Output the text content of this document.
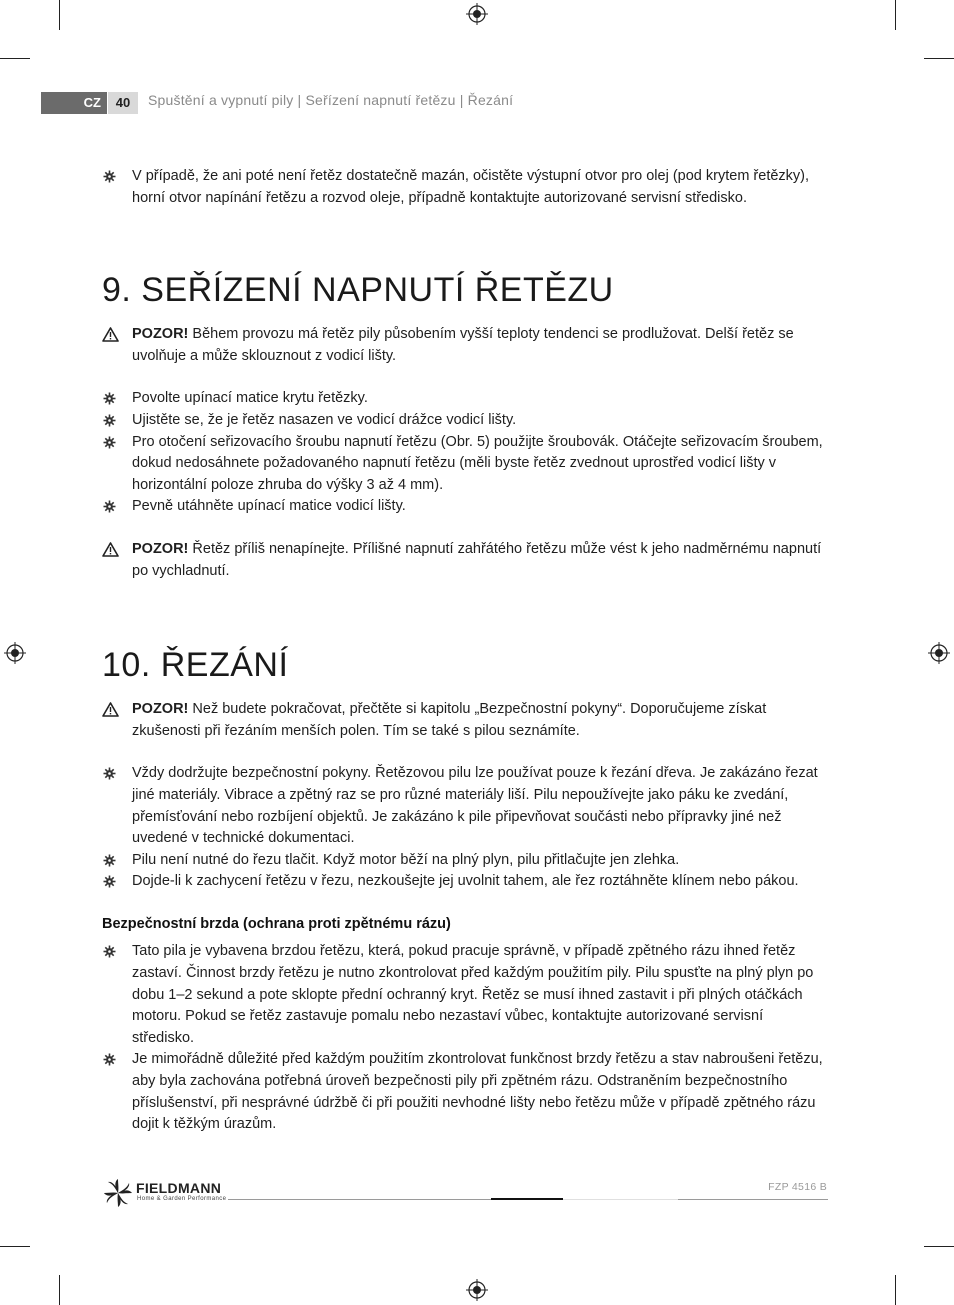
CZ	40	Spuštění a vypnutí pily | Seřízení napnutí řetězu | Řezání
V případě, že ani poté není řetěz dostatečně mazán, očistěte výstupní otvor pro olej (pod krytem řetězky), horní otvor napínání řetězu a rozvod oleje, případně kontaktujte autorizované servisní středisko.
9. SEŘÍZENÍ NAPNUTÍ ŘETĚZU
POZOR! Během provozu má řetěz pily působením vyšší teploty tendenci se prodlužovat. Delší řetěz se uvolňuje a může sklouznout z vodicí lišty.
Povolte upínací matice krytu řetězky.
Ujistěte se, že je řetěz nasazen ve vodicí drážce vodicí lišty.
Pro otočení seřizovacího šroubu napnutí řetězu (Obr. 5) použijte šroubovák. Otáčejte seřizovacím šroubem, dokud nedosáhnete požadovaného napnutí řetězu (měli byste řetěz zvednout uprostřed vodicí lišty v horizontální poloze zhruba do výšky 3 až 4 mm).
Pevně utáhněte upínací matice vodicí lišty.
POZOR! Řetěz příliš nenapínejte. Přílišné napnutí zahřátého řetězu může vést k jeho nadměrnému napnutí po vychladnutí.
10. ŘEZÁNÍ
POZOR! Než budete pokračovat, přečtěte si kapitolu „Bezpečnostní pokyny“. Doporučujeme získat zkušenosti při řezáním menších polen. Tím se také s pilou seznámíte.
Vždy dodržujte bezpečnostní pokyny. Řetězovou pilu lze používat pouze k řezání dřeva. Je zakázáno řezat jiné materiály. Vibrace a zpětný raz se pro různé materiály liší. Pilu nepoužívejte jako páku ke zvedání, přemísťování nebo rozbíjení objektů. Je zakázáno k pile připevňovat součásti nebo přípravky jiné než uvedené v technické dokumentaci.
Pilu není nutné do řezu tlačit. Když motor běží na plný plyn, pilu přitlačujte jen zlehka.
Dojde-li k zachycení řetězu v řezu, nezkoušejte jej uvolnit tahem, ale řez roztáhněte klínem nebo pákou.
Bezpečnostní brzda (ochrana proti zpětnému rázu)
Tato pila je vybavena brzdou řetězu, která, pokud pracuje správně, v případě zpětného rázu ihned řetěz zastaví. Činnost brzdy řetězu je nutno zkontrolovat před každým použitím pily. Pilu spusťte na plný plyn po dobu 1–2 sekund a pote sklopte přední ochranný kryt. Řetěz se musí ihned zastavit i při plných otáčkách motoru. Pokud se řetěz zastavuje pomalu nebo nezastaví vůbec, kontaktujte autorizované servisní středisko.
Je mimořádně důležité před každým použitím zkontrolovat funkčnost brzdy řetězu a stav nabroušeni řetězu, aby byla zachována potřebná úroveň bezpečnosti pily při zpětném rázu. Odstraněním bezpečnostního příslušenství, při nesprávné údržbě či při použiti nevhodné lišty nebo řetězu může v případě zpětného rázu dojit k těžkým úrazům.
FIELDMANN
Home & Garden Performance
FZP 4516 B
